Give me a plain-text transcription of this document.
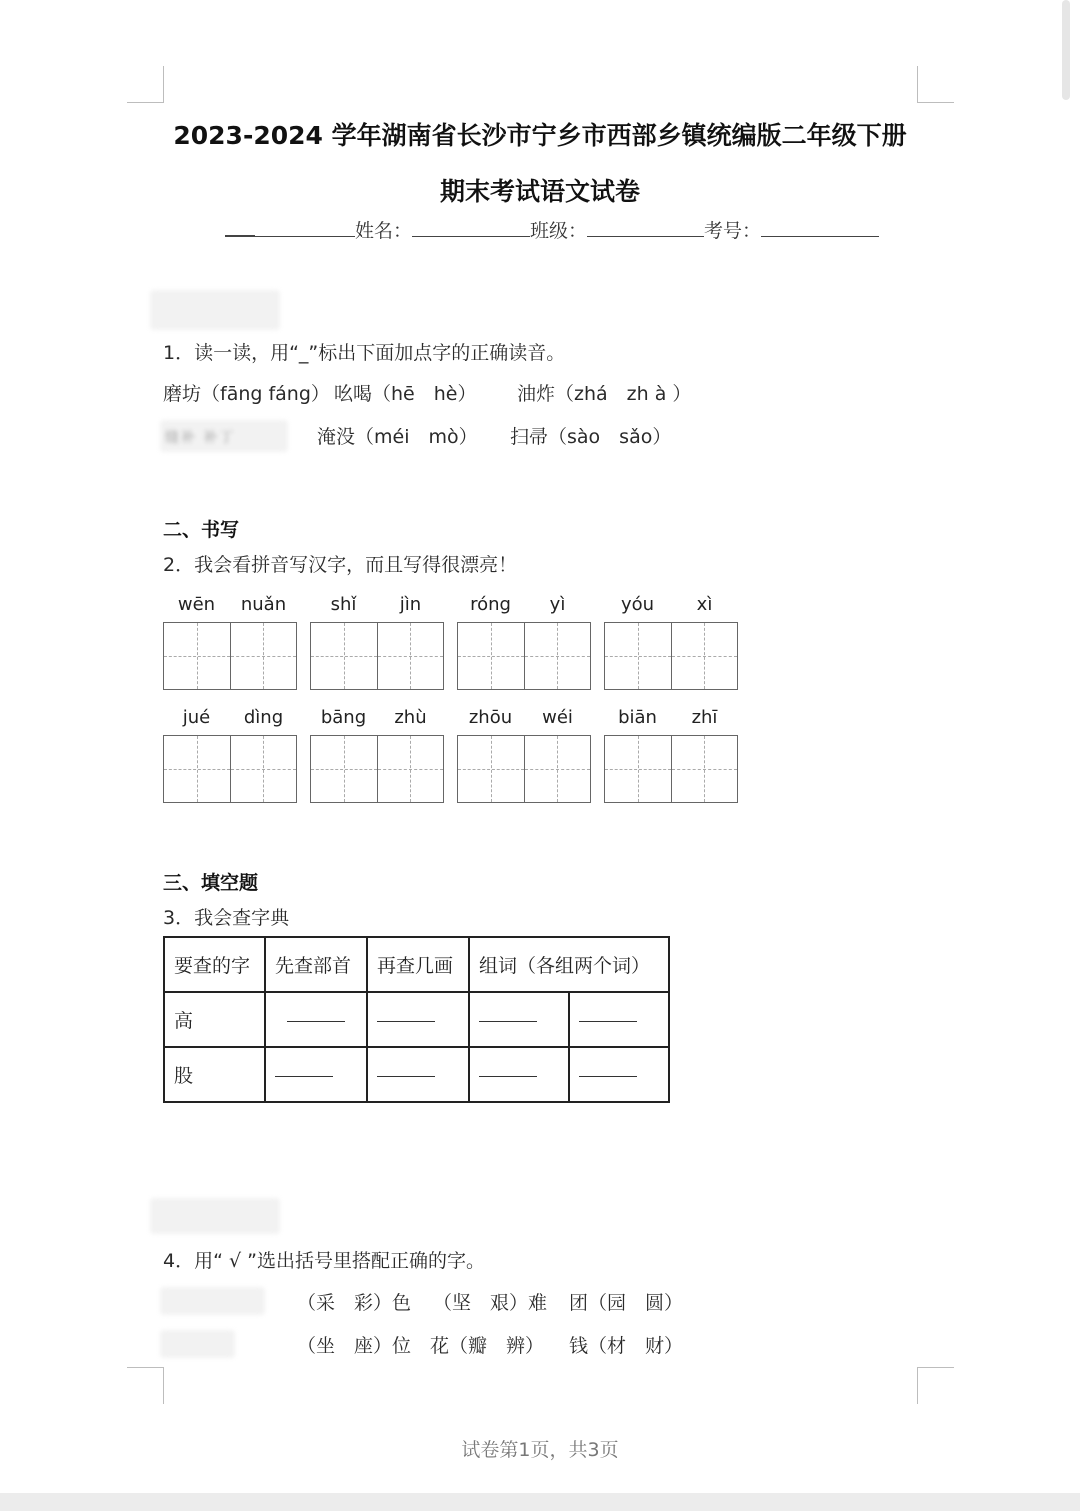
2023-2024 学年湖南省长沙市宁乡市西部乡镇统编版二年级下册
期末考试语文试卷
姓名：	班级：	考号：
1．读一读，用“_”标出下面加点字的正确读音。
磨坊（fāng fáng） 吆喝（hē　hè） 油炸（zhá　zh à ）
缝补 补丁	淹没（méi　mò） 扫帚（sào　sǎo）
二、书写
2．我会看拼音写汉字，而且写得很漂亮！
wēn	nuǎn	shǐ	jìn	róng	yì	yóu	xì
jué	dìng	bāng	zhù	zhōu	wéi	biān	zhī
三、填空题
3．我会查字典
要查的字	先查部首	再查几画	组词（各组两个词）	
高				
股				
4．用“ √ ”选出括号里搭配正确的字。
（采　彩）色 （坚　艰）难 团（园　圆）
（坐　座）位 花（瓣　辨） 钱（材　财）
试卷第1页，共3页
